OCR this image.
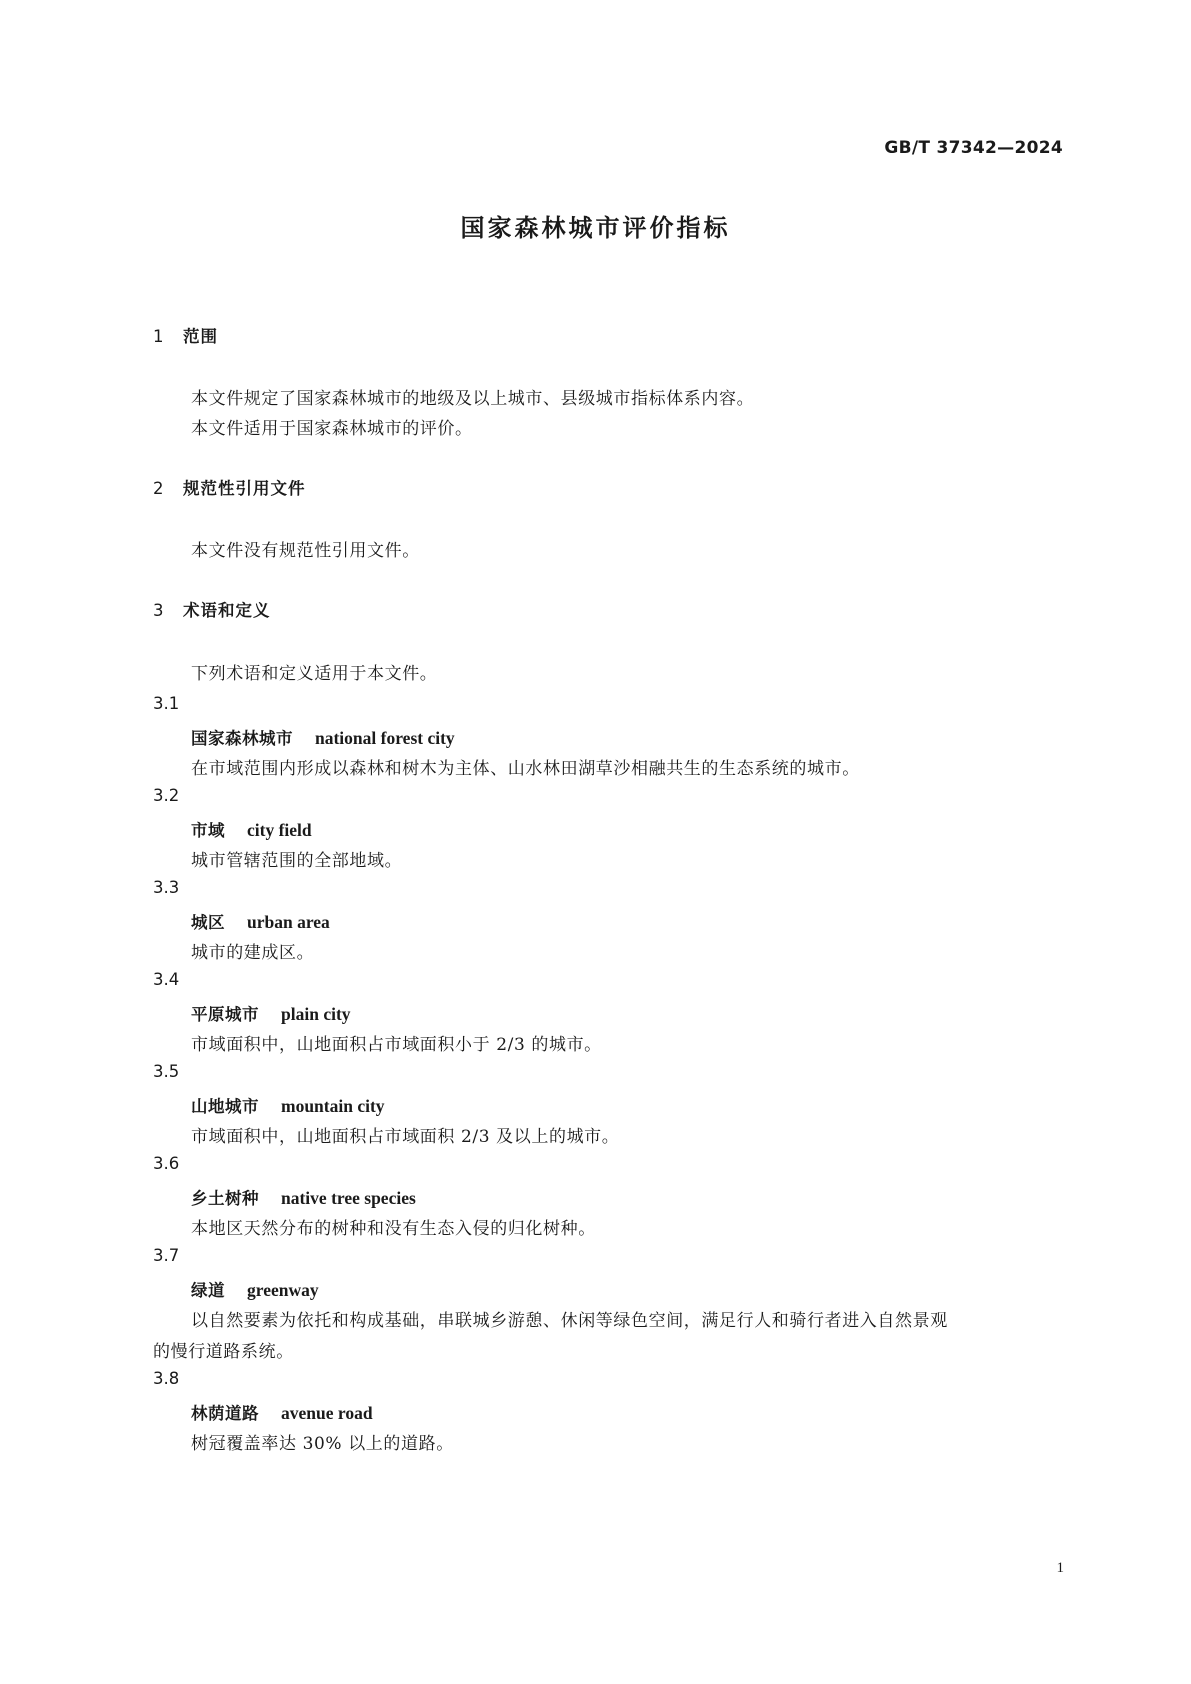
GB/T 37342—2024
国家森林城市评价指标
1 范围
本文件规定了国家森林城市的地级及以上城市、县级城市指标体系内容。
本文件适用于国家森林城市的评价。
2 规范性引用文件
本文件没有规范性引用文件。
3 术语和定义
下列术语和定义适用于本文件。
3.1
国家森林城市 national forest city
在市域范围内形成以森林和树木为主体、山水林田湖草沙相融共生的生态系统的城市。
3.2
市域 city field
城市管辖范围的全部地域。
3.3
城区 urban area
城市的建成区。
3.4
平原城市 plain city
市域面积中，山地面积占市域面积小于 2/3 的城市。
3.5
山地城市 mountain city
市域面积中，山地面积占市域面积 2/3 及以上的城市。
3.6
乡土树种 native tree species
本地区天然分布的树种和没有生态入侵的归化树种。
3.7
绿道 greenway
以自然要素为依托和构成基础，串联城乡游憩、休闲等绿色空间，满足行人和骑行者进入自然景观
的慢行道路系统。
3.8
林荫道路 avenue road
树冠覆盖率达 30% 以上的道路。
1
